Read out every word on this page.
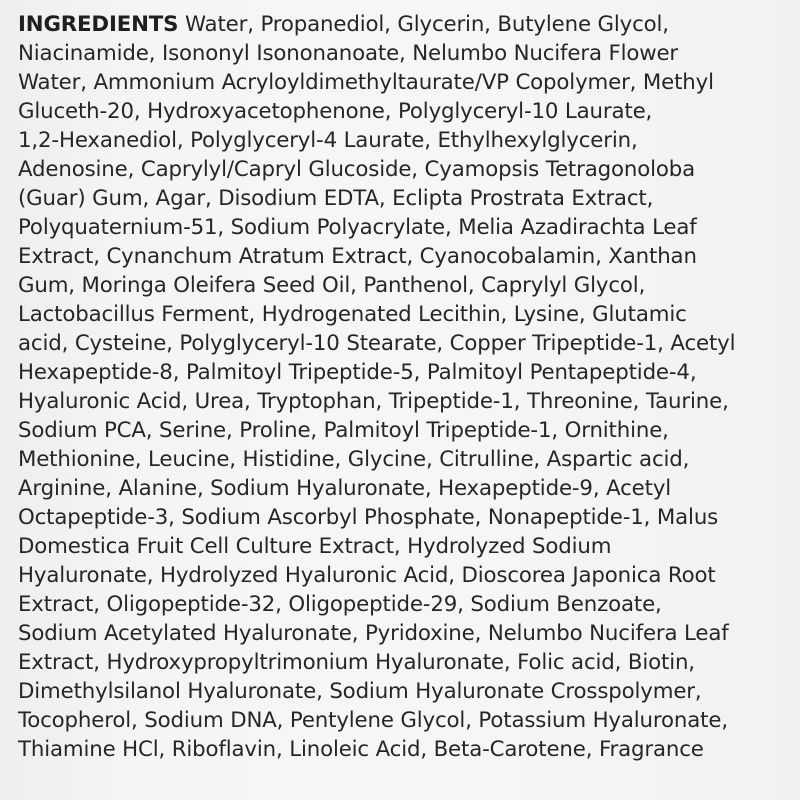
INGREDIENTS Water, Propanediol, Glycerin, Butylene Glycol,
Niacinamide, Isononyl Isononanoate, Nelumbo Nucifera Flower
Water, Ammonium Acryloyldimethyltaurate/VP Copolymer, Methyl
Gluceth-20, Hydroxyacetophenone, Polyglyceryl-10 Laurate,
1,2-Hexanediol, Polyglyceryl-4 Laurate, Ethylhexylglycerin,
Adenosine, Caprylyl/Capryl Glucoside, Cyamopsis Tetragonoloba
(Guar) Gum, Agar, Disodium EDTA, Eclipta Prostrata Extract,
Polyquaternium-51, Sodium Polyacrylate, Melia Azadirachta Leaf
Extract, Cynanchum Atratum Extract, Cyanocobalamin, Xanthan
Gum, Moringa Oleifera Seed Oil, Panthenol, Caprylyl Glycol,
Lactobacillus Ferment, Hydrogenated Lecithin, Lysine, Glutamic
acid, Cysteine, Polyglyceryl-10 Stearate, Copper Tripeptide-1, Acetyl
Hexapeptide-8, Palmitoyl Tripeptide-5, Palmitoyl Pentapeptide-4,
Hyaluronic Acid, Urea, Tryptophan, Tripeptide-1, Threonine, Taurine,
Sodium PCA, Serine, Proline, Palmitoyl Tripeptide-1, Ornithine,
Methionine, Leucine, Histidine, Glycine, Citrulline, Aspartic acid,
Arginine, Alanine, Sodium Hyaluronate, Hexapeptide-9, Acetyl
Octapeptide-3, Sodium Ascorbyl Phosphate, Nonapeptide-1, Malus
Domestica Fruit Cell Culture Extract, Hydrolyzed Sodium
Hyaluronate, Hydrolyzed Hyaluronic Acid, Dioscorea Japonica Root
Extract, Oligopeptide-32, Oligopeptide-29, Sodium Benzoate,
Sodium Acetylated Hyaluronate, Pyridoxine, Nelumbo Nucifera Leaf
Extract, Hydroxypropyltrimonium Hyaluronate, Folic acid, Biotin,
Dimethylsilanol Hyaluronate, Sodium Hyaluronate Crosspolymer,
Tocopherol, Sodium DNA, Pentylene Glycol, Potassium Hyaluronate,
Thiamine HCl, Riboflavin, Linoleic Acid, Beta-Carotene, Fragrance
